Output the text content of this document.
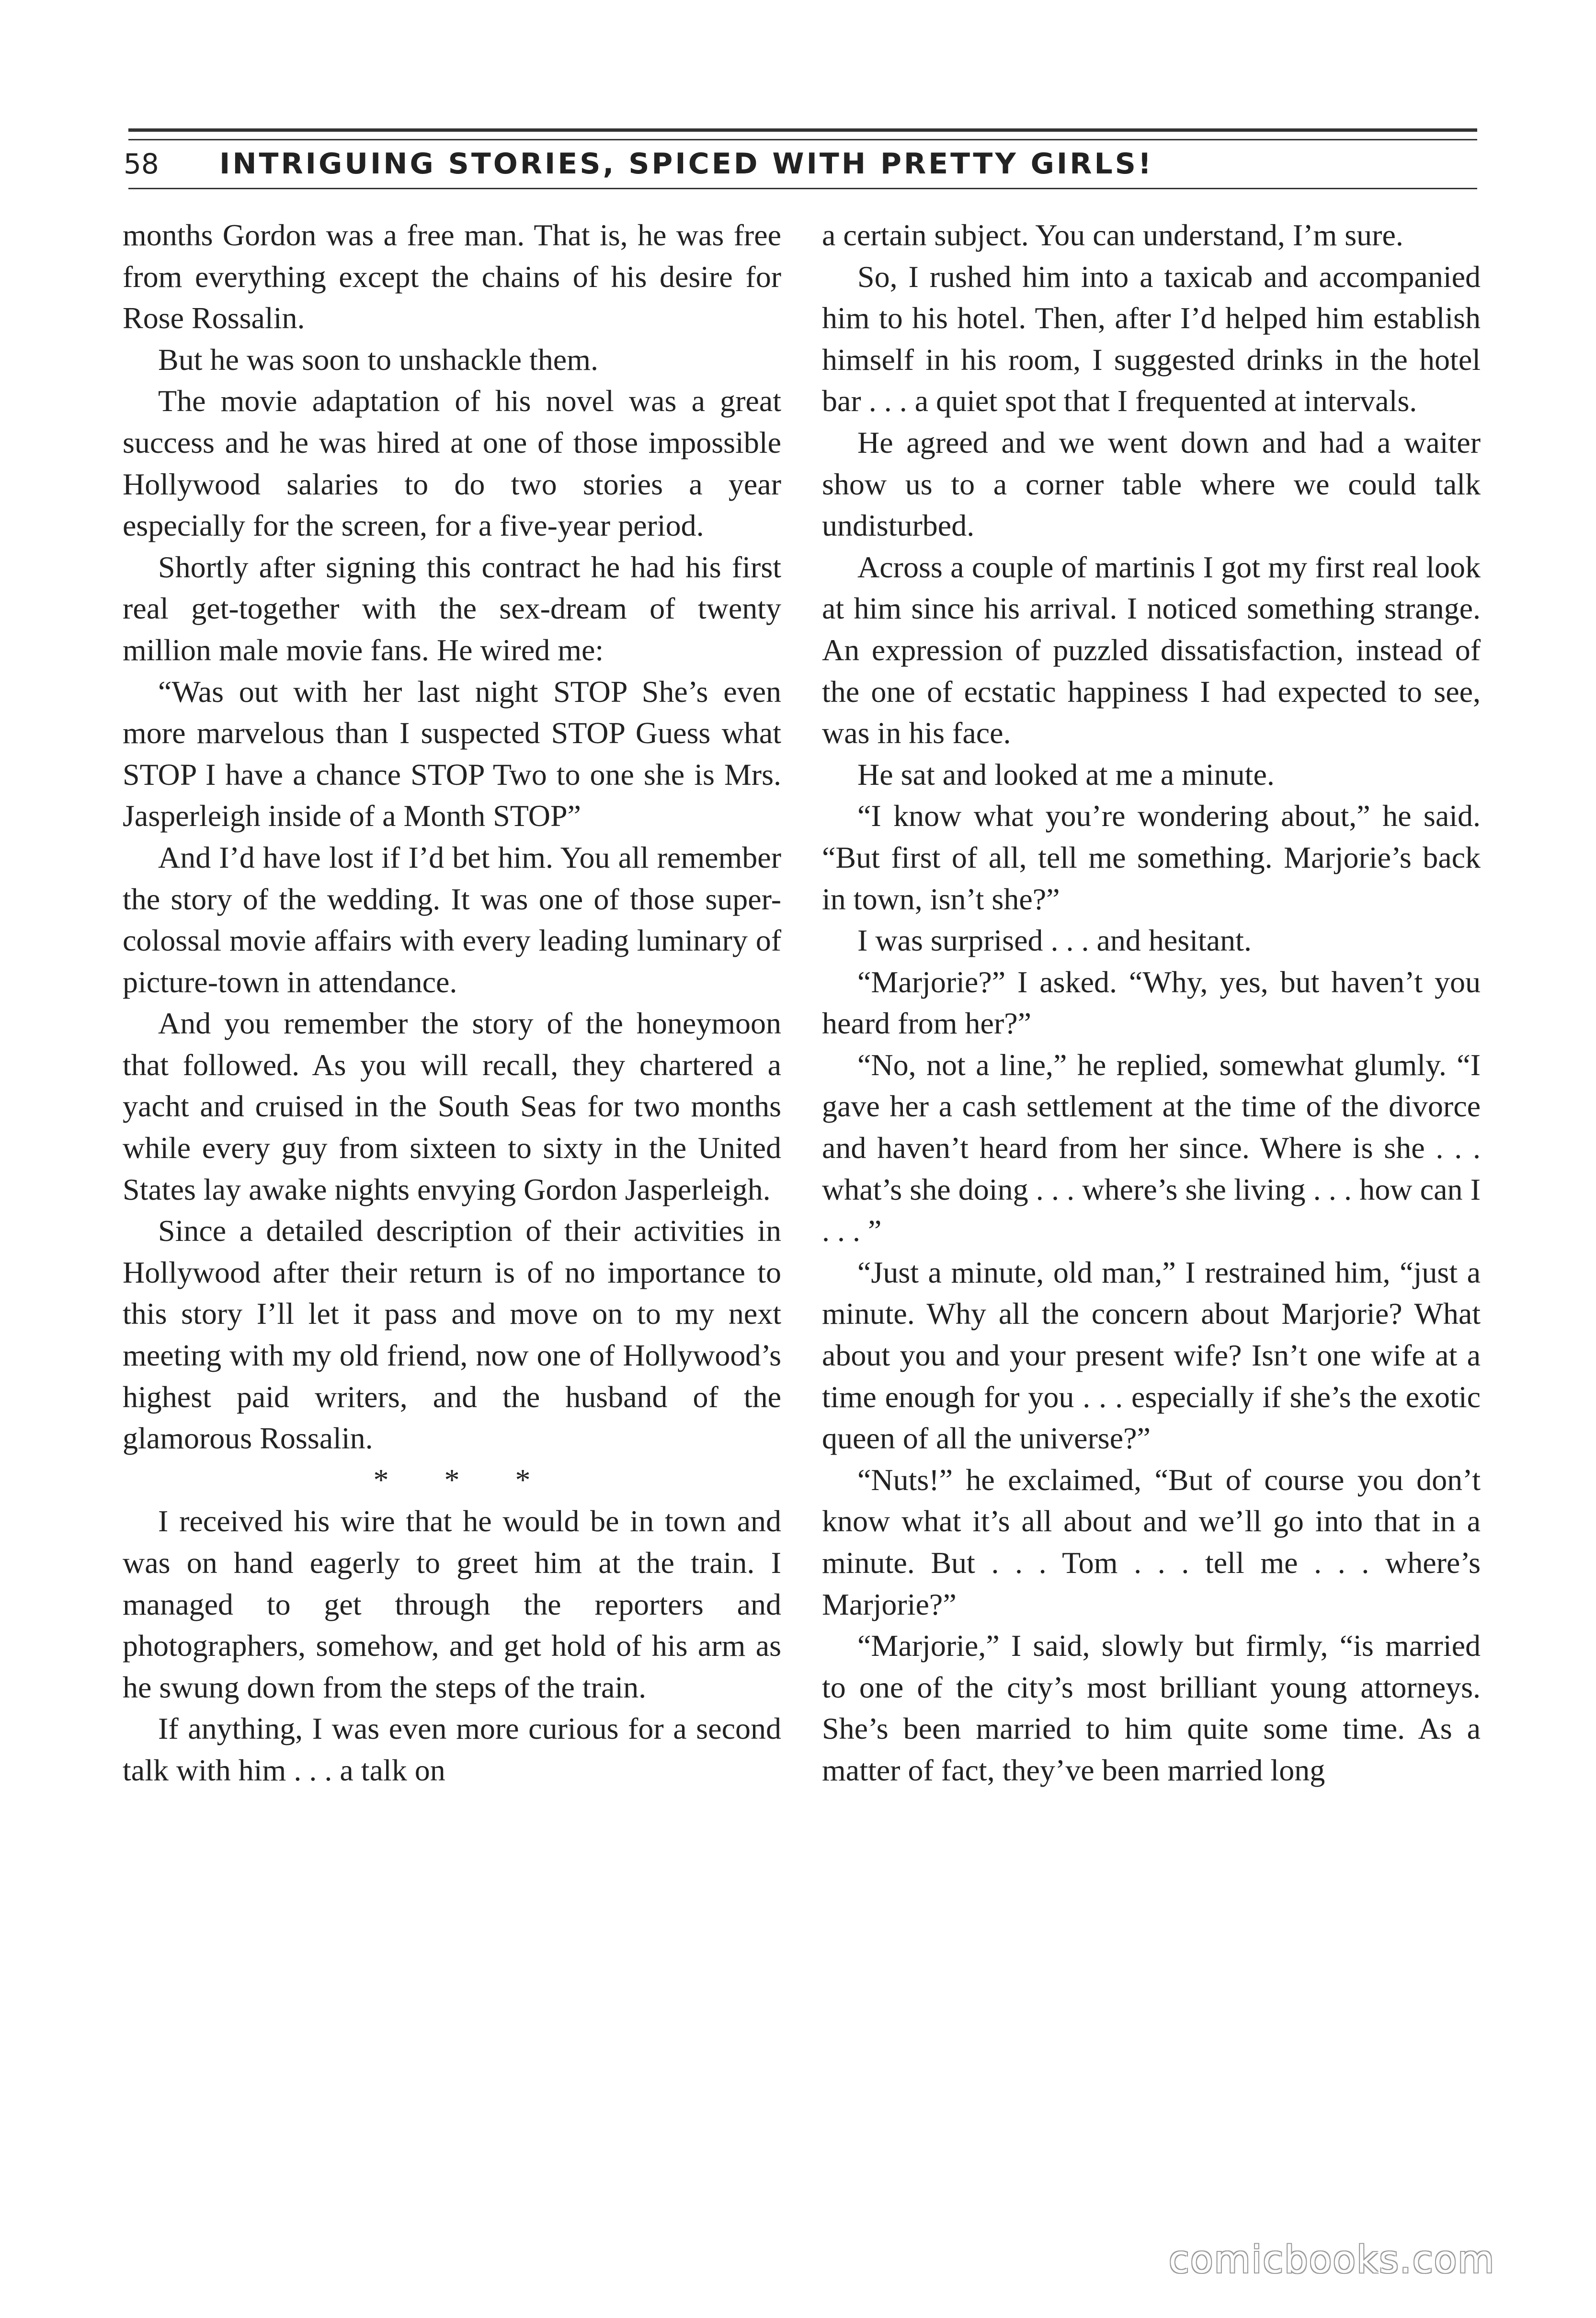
58	INTRIGUING STORIES, SPICED WITH PRETTY GIRLS!

months Gordon was a free man. That is, he was free from everything except the chains of his desire for Rose Rossalin.

But he was soon to unshackle them.

The movie adaptation of his novel was a great success and he was hired at one of those impossible Hollywood salaries to do two stories a year especially for the screen, for a five-year period.

Shortly after signing this contract he had his first real get-together with the sex-dream of twenty million male movie fans. He wired me:

“Was out with her last night STOP She’s even more marvelous than I suspected STOP Guess what STOP I have a chance STOP Two to one she is Mrs. Jasperleigh inside of a Month STOP”

And I’d have lost if I’d bet him. You all remember the story of the wedding. It was one of those super-colossal movie affairs with every leading luminary of picture-town in attendance.

And you remember the story of the honeymoon that followed. As you will recall, they chartered a yacht and cruised in the South Seas for two months while every guy from sixteen to sixty in the United States lay awake nights envying Gordon Jasperleigh.

Since a detailed description of their activities in Hollywood after their return is of no importance to this story I’ll let it pass and move on to my next meeting with my old friend, now one of Hollywood’s highest paid writers, and the husband of the glamorous Rossalin.

* * *

I received his wire that he would be in town and was on hand eagerly to greet him at the train. I managed to get through the reporters and photographers, somehow, and get hold of his arm as he swung down from the steps of the train.

If anything, I was even more curious for a second talk with him . . . a talk on

a certain subject. You can understand, I’m sure.

So, I rushed him into a taxicab and accompanied him to his hotel. Then, after I’d helped him establish himself in his room, I suggested drinks in the hotel bar . . . a quiet spot that I frequented at intervals.

He agreed and we went down and had a waiter show us to a corner table where we could talk undisturbed.

Across a couple of martinis I got my first real look at him since his arrival. I noticed something strange. An expression of puzzled dissatisfaction, instead of the one of ecstatic happiness I had expected to see, was in his face.

He sat and looked at me a minute.

“I know what you’re wondering about,” he said. “But first of all, tell me something. Marjorie’s back in town, isn’t she?”

I was surprised . . . and hesitant.

“Marjorie?” I asked. “Why, yes, but haven’t you heard from her?”

“No, not a line,” he replied, somewhat glumly. “I gave her a cash settlement at the time of the divorce and haven’t heard from her since. Where is she . . . what’s she doing . . . where’s she living . . . how can I . . . ”

“Just a minute, old man,” I restrained him, “just a minute. Why all the concern about Marjorie? What about you and your present wife? Isn’t one wife at a time enough for you . . . especially if she’s the exotic queen of all the universe?”

“Nuts!” he exclaimed, “But of course you don’t know what it’s all about and we’ll go into that in a minute. But . . . Tom . . . tell me . . . where’s Marjorie?”

“Marjorie,” I said, slowly but firmly, “is married to one of the city’s most brilliant young attorneys. She’s been married to him quite some time. As a matter of fact, they’ve been married long

comicbooks.com
